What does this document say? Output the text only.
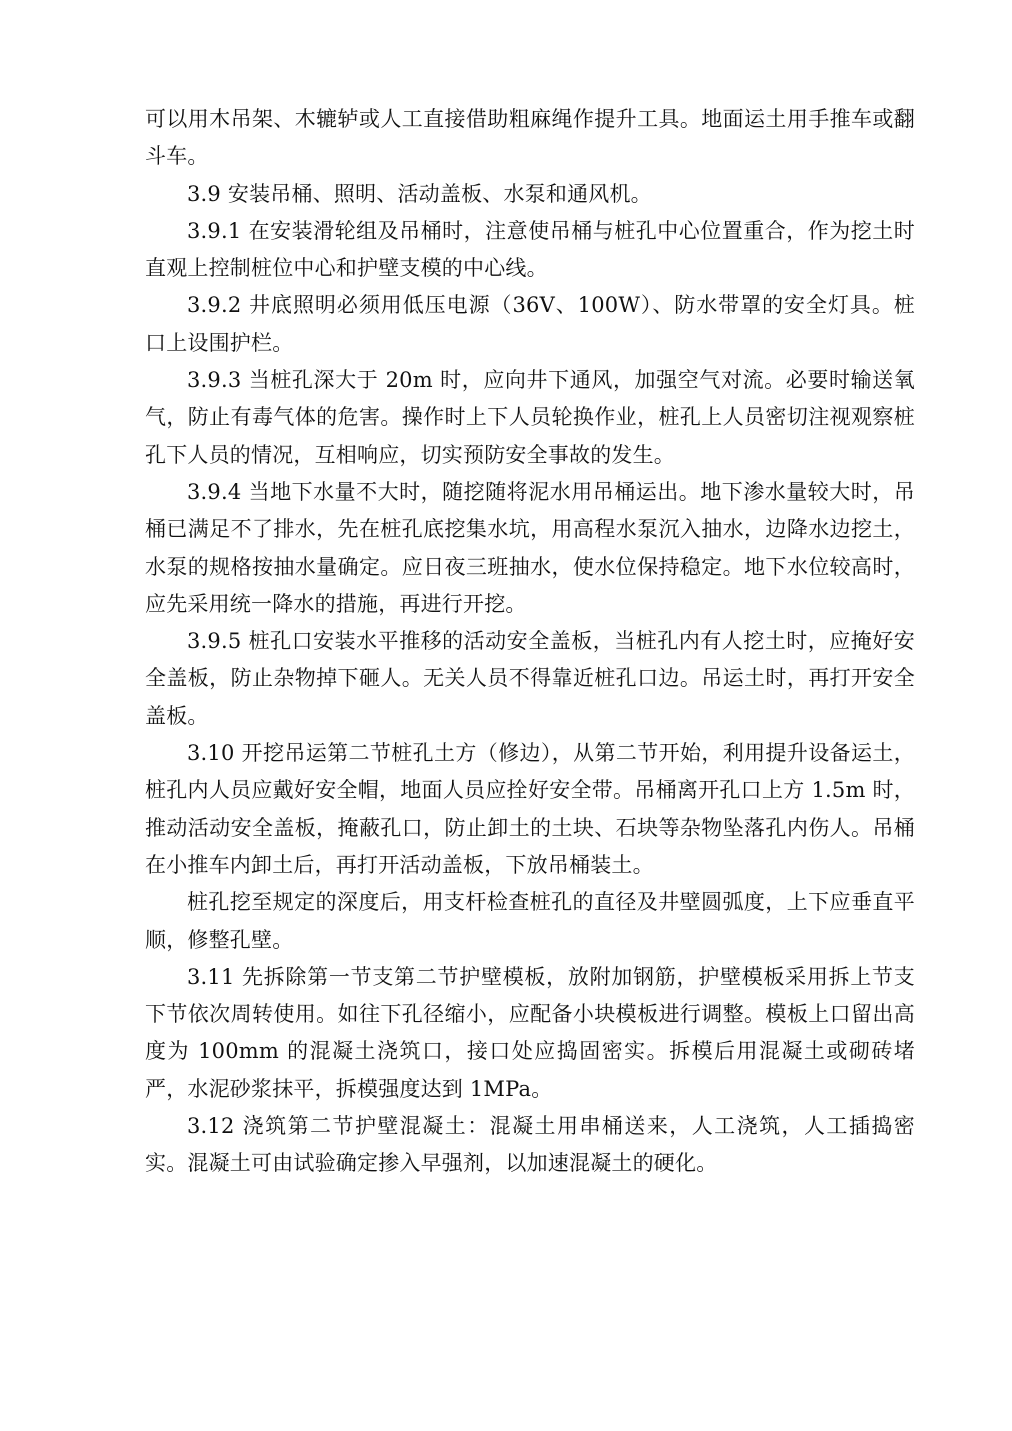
可以用木吊架、木辘轳或人工直接借助粗麻绳作提升工具。地面运土用手推车或翻斗车。

3.9 安装吊桶、照明、活动盖板、水泵和通风机。

3.9.1 在安装滑轮组及吊桶时，注意使吊桶与桩孔中心位置重合，作为挖土时直观上控制桩位中心和护壁支模的中心线。

3.9.2 井底照明必须用低压电源（36V、100W）、防水带罩的安全灯具。桩口上设围护栏。

3.9.3 当桩孔深大于 20m 时，应向井下通风，加强空气对流。必要时输送氧气，防止有毒气体的危害。操作时上下人员轮换作业，桩孔上人员密切注视观察桩孔下人员的情况，互相响应，切实预防安全事故的发生。

3.9.4 当地下水量不大时，随挖随将泥水用吊桶运出。地下渗水量较大时，吊桶已满足不了排水，先在桩孔底挖集水坑，用高程水泵沉入抽水，边降水边挖土，水泵的规格按抽水量确定。应日夜三班抽水，使水位保持稳定。地下水位较高时，应先采用统一降水的措施，再进行开挖。

3.9.5 桩孔口安装水平推移的活动安全盖板，当桩孔内有人挖土时，应掩好安全盖板，防止杂物掉下砸人。无关人员不得靠近桩孔口边。吊运土时，再打开安全盖板。

3.10 开挖吊运第二节桩孔土方（修边），从第二节开始，利用提升设备运土，桩孔内人员应戴好安全帽，地面人员应拴好安全带。吊桶离开孔口上方 1.5m 时，推动活动安全盖板，掩蔽孔口，防止卸土的土块、石块等杂物坠落孔内伤人。吊桶在小推车内卸土后，再打开活动盖板，下放吊桶装土。

桩孔挖至规定的深度后，用支杆检查桩孔的直径及井壁圆弧度，上下应垂直平顺，修整孔壁。

3.11 先拆除第一节支第二节护壁模板，放附加钢筋，护壁模板采用拆上节支下节依次周转使用。如往下孔径缩小，应配备小块模板进行调整。模板上口留出高度为 100mm 的混凝土浇筑口，接口处应捣固密实。拆模后用混凝土或砌砖堵严，水泥砂浆抹平，拆模强度达到 1MPa。

3.12 浇筑第二节护壁混凝土：混凝土用串桶送来，人工浇筑，人工插捣密实。混凝土可由试验确定掺入早强剂，以加速混凝土的硬化。
